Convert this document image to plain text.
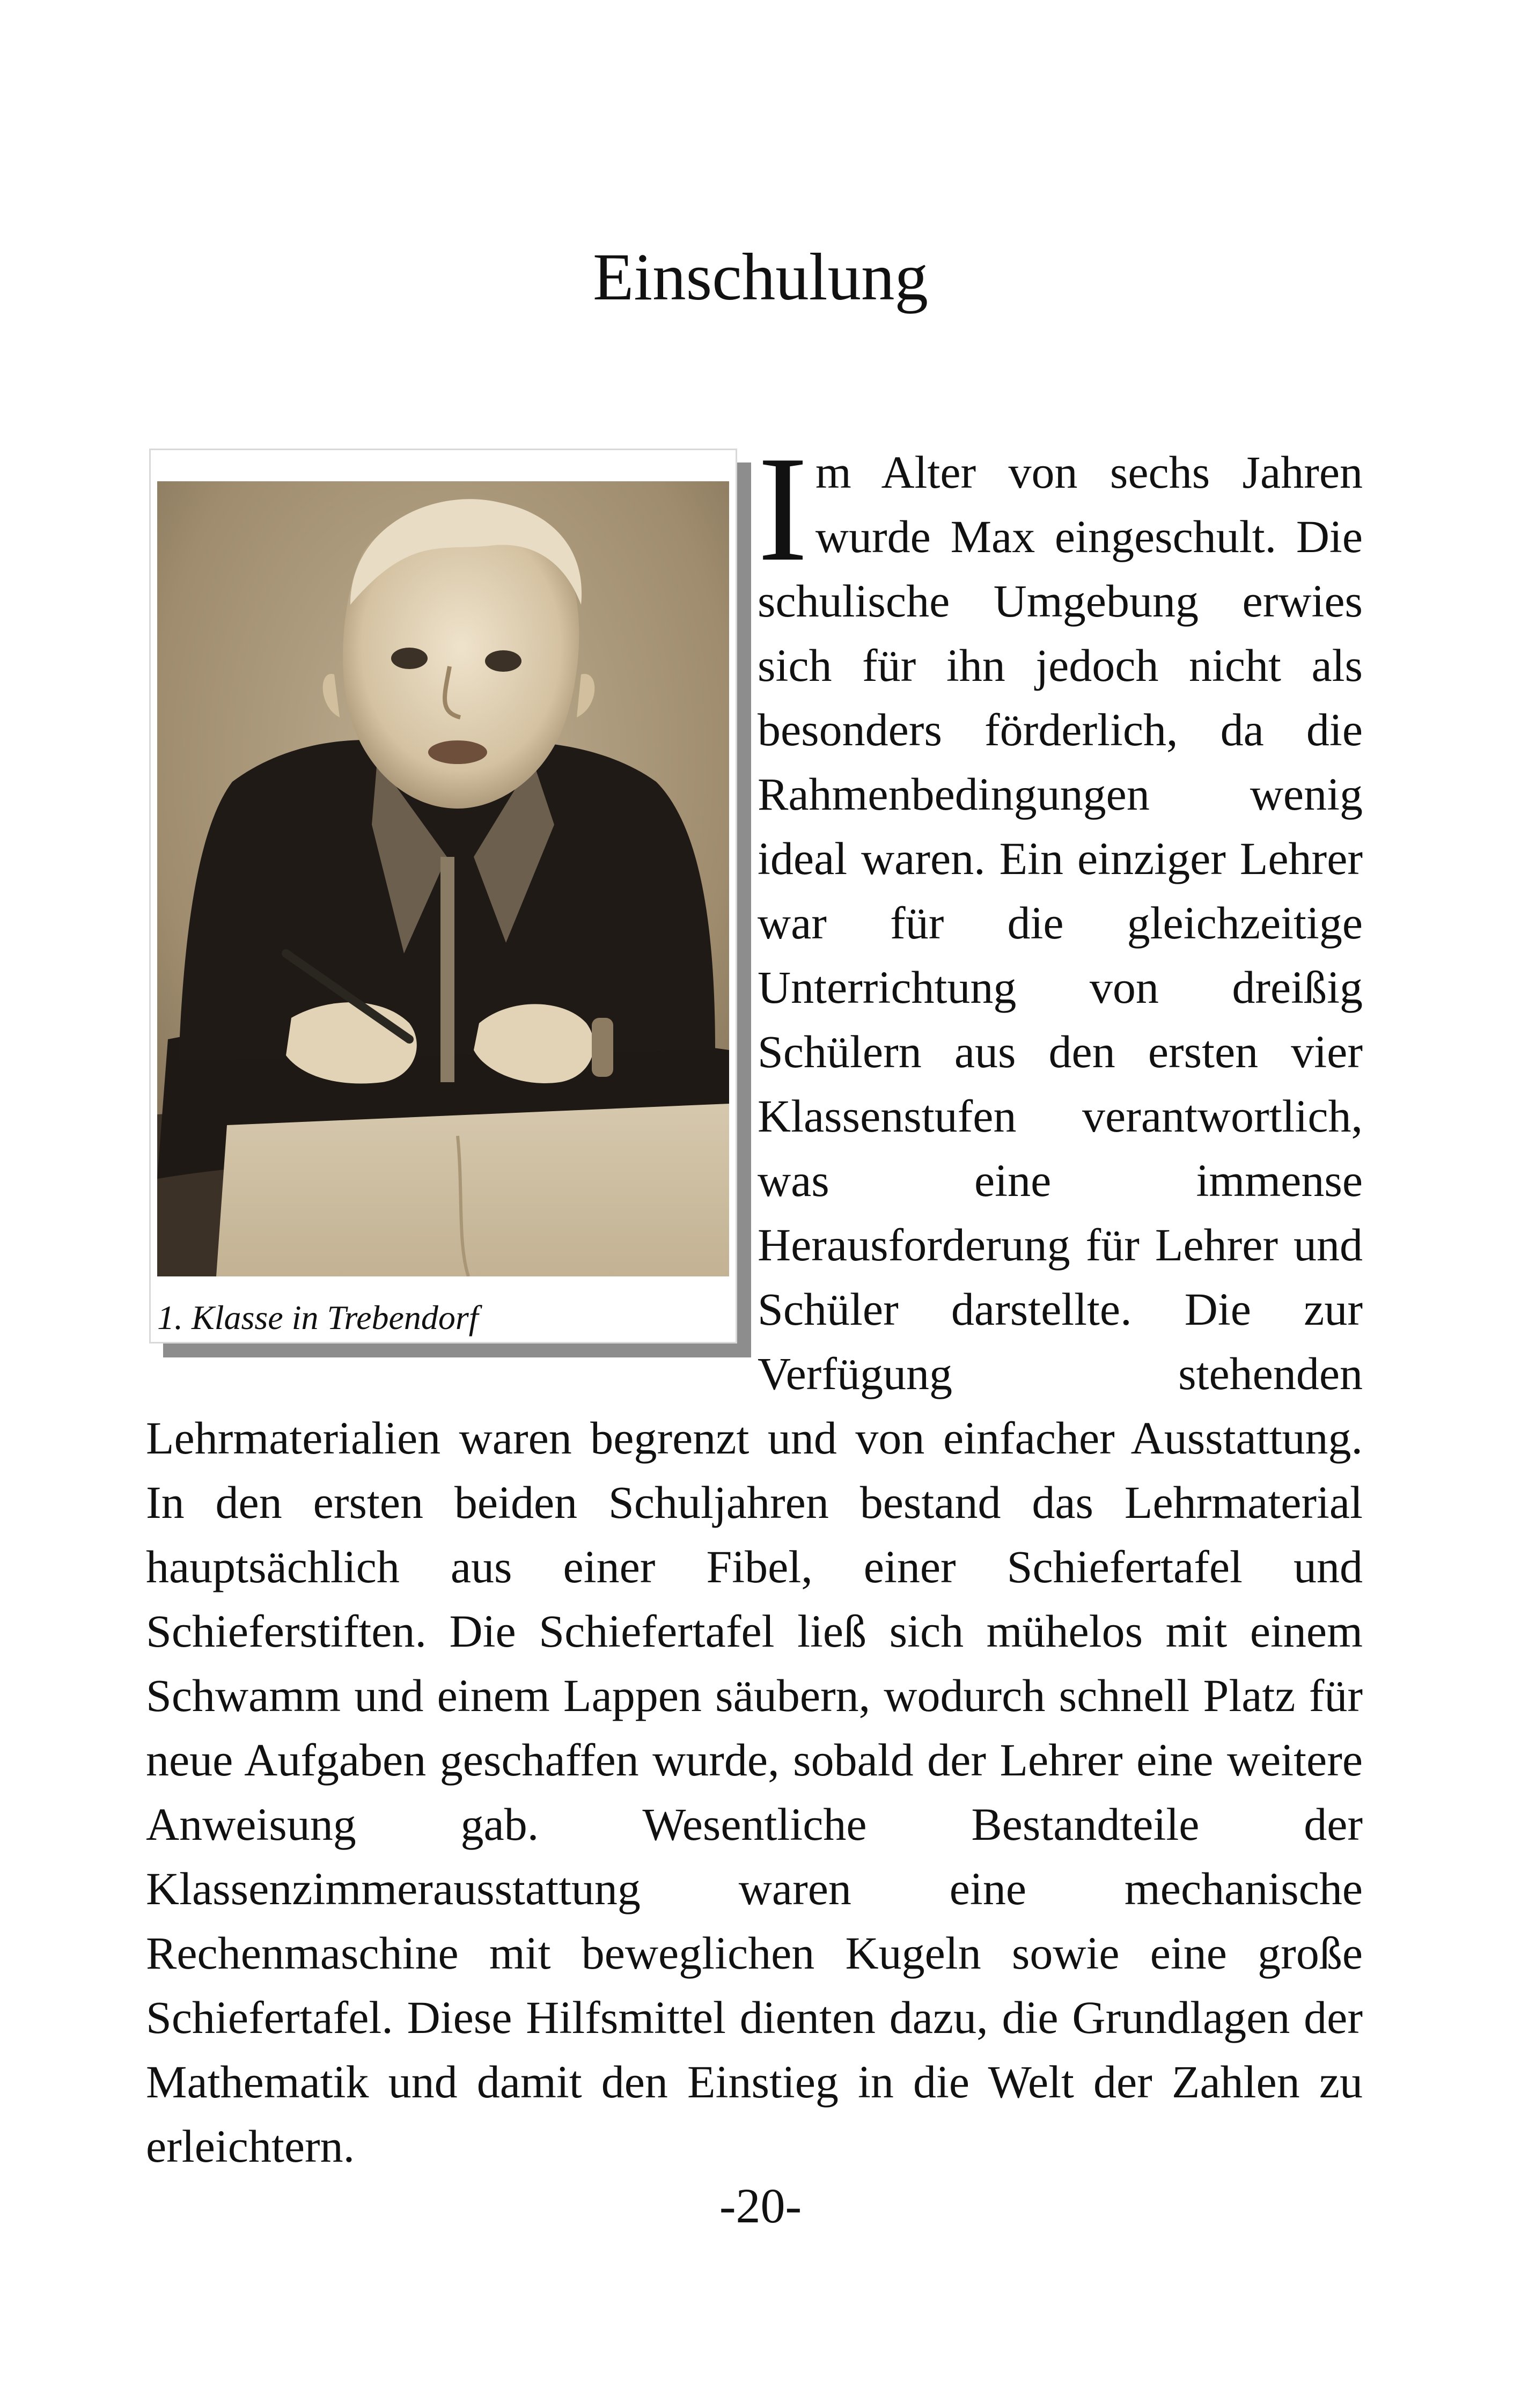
Einschulung
1. Klasse in Trebendorf
I m Alter von sechs Jahren wurde Max eingeschult. Die schulische Umgebung erwies sich für ihn jedoch nicht als besonders förderlich, da die Rahmenbedingungen wenig ideal waren. Ein einziger Lehrer war für die gleichzeitige Unterrichtung von dreißig Schülern aus den ersten vier Klassenstufen verantwortlich, was eine immense Herausforderung für Lehrer und Schüler darstellte. Die zur Verfügung stehenden Lehrmaterialien waren begrenzt und von einfacher Ausstattung. In den ersten beiden Schuljahren bestand das Lehrmaterial hauptsächlich aus einer Fibel, einer Schiefertafel und Schieferstiften. Die Schiefertafel ließ sich mühelos mit einem Schwamm und einem Lappen säubern, wodurch schnell Platz für neue Aufgaben geschaffen wurde, sobald der Lehrer eine weitere Anweisung gab. Wesentliche Bestandteile der Klassenzimmerausstattung waren eine mechanische Rechenmaschine mit beweglichen Kugeln sowie eine große Schiefertafel. Diese Hilfsmittel dienten dazu, die Grundlagen der Mathematik und damit den Einstieg in die Welt der Zahlen zu erleichtern.
-20-
